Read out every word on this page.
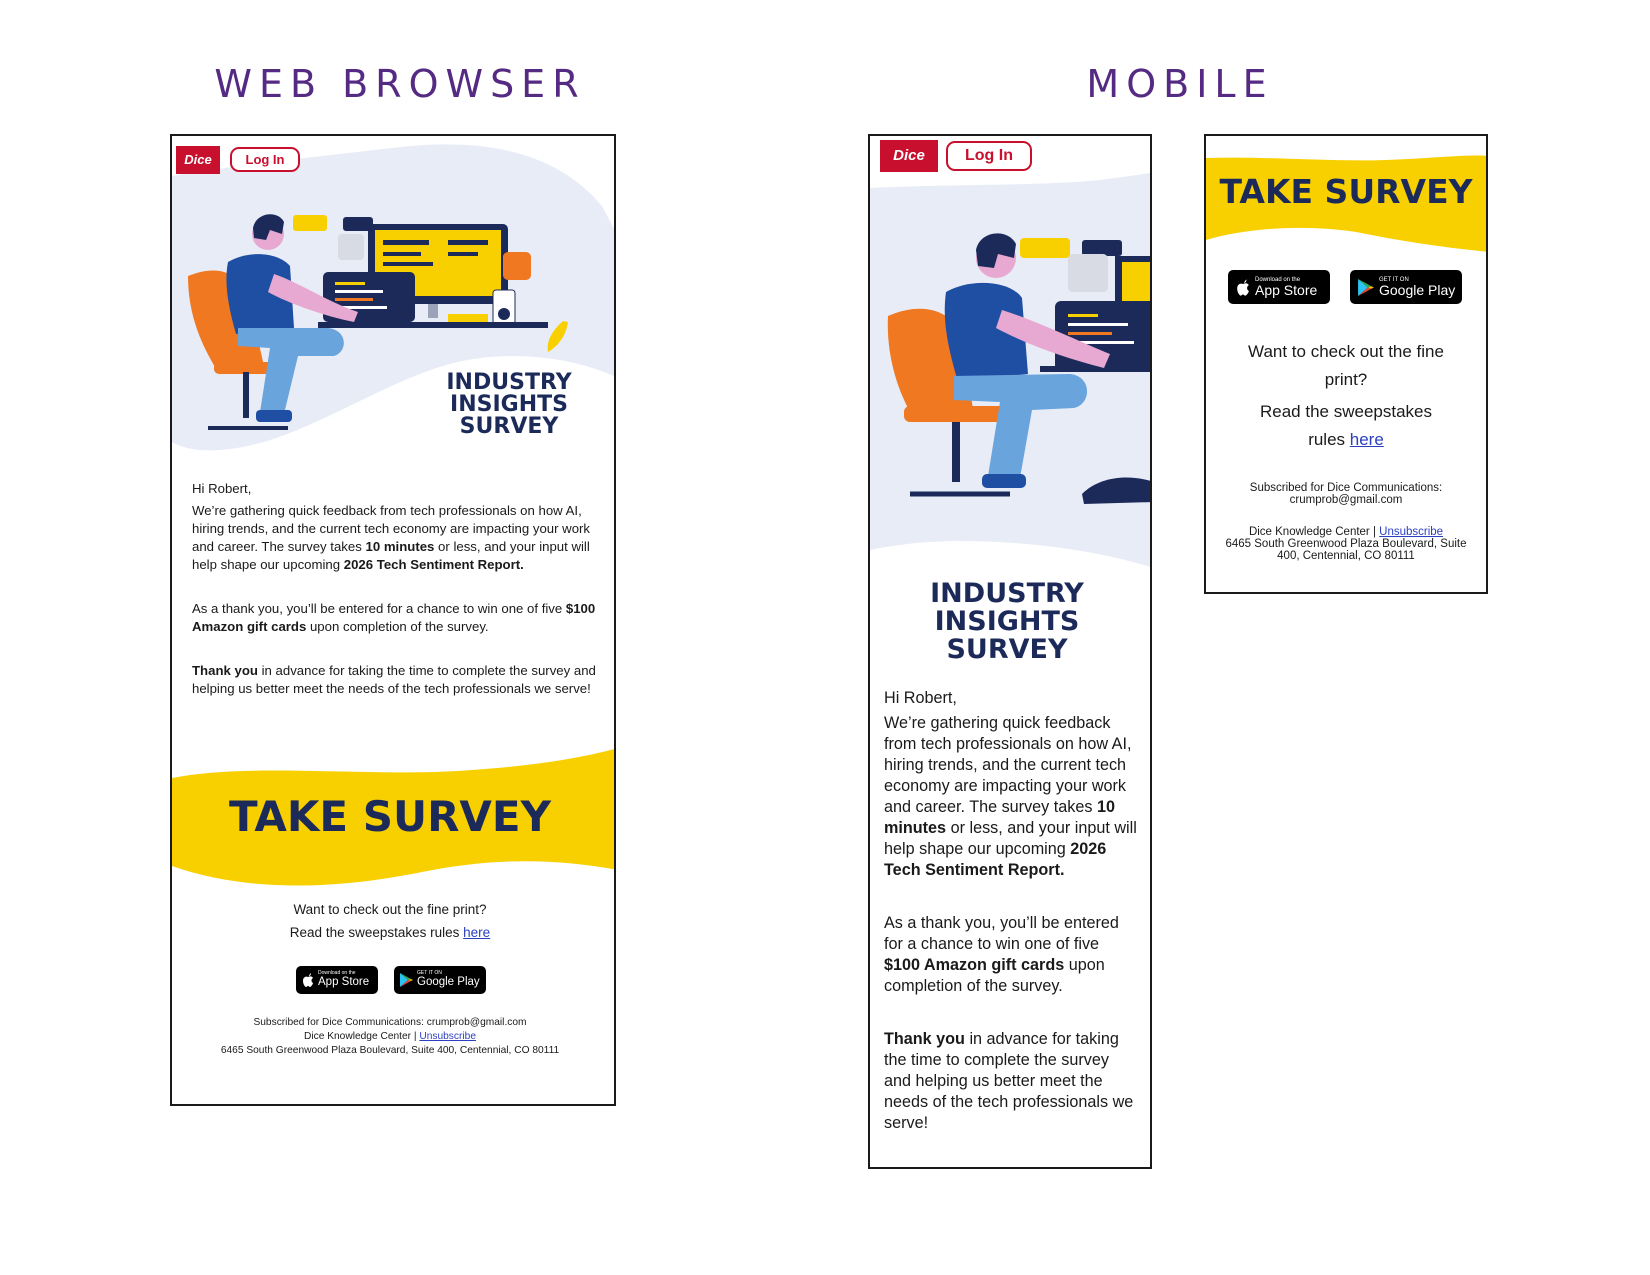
WEB BROWSER	MOBILE
Dice	Log In
INDUSTRY
INSIGHTS
SURVEY

Hi Robert,

We’re gathering quick feedback from tech professionals on how AI, hiring trends, and the current tech economy are impacting your work and career. The survey takes 10 minutes or less, and your input will help shape our upcoming 2026 Tech Sentiment Report.

As a thank you, you’ll be entered for a chance to win one of five $100 Amazon gift cards upon completion of the survey.

Thank you in advance for taking the time to complete the survey and helping us better meet the needs of the tech professionals we serve!

TAKE SURVEY
Want to check out the fine print?
Read the sweepstakes rules here
Download on the
App Store
GET IT ON
Google Play
Subscribed for Dice Communications: crumprob@gmail.com
Dice Knowledge Center | Unsubscribe
6465 South Greenwood Plaza Boulevard, Suite 400, Centennial, CO 80111
Dice	Log In
INDUSTRY
INSIGHTS
SURVEY

Hi Robert,

We’re gathering quick feedback from tech professionals on how AI, hiring trends, and the current tech economy are impacting your work and career. The survey takes 10 minutes or less, and your input will help shape our upcoming 2026 Tech Sentiment Report.

As a thank you, you’ll be entered for a chance to win one of five $100 Amazon gift cards upon completion of the survey.

Thank you in advance for taking the time to complete the survey and helping us better meet the needs of the tech professionals we serve!

TAKE SURVEY
Download on the
App Store
GET IT ON
Google Play
Want to check out the fine print?
Read the sweepstakes rules here
Subscribed for Dice Communications: crumprob@gmail.com
Dice Knowledge Center | Unsubscribe
6465 South Greenwood Plaza Boulevard, Suite 400, Centennial, CO 80111
